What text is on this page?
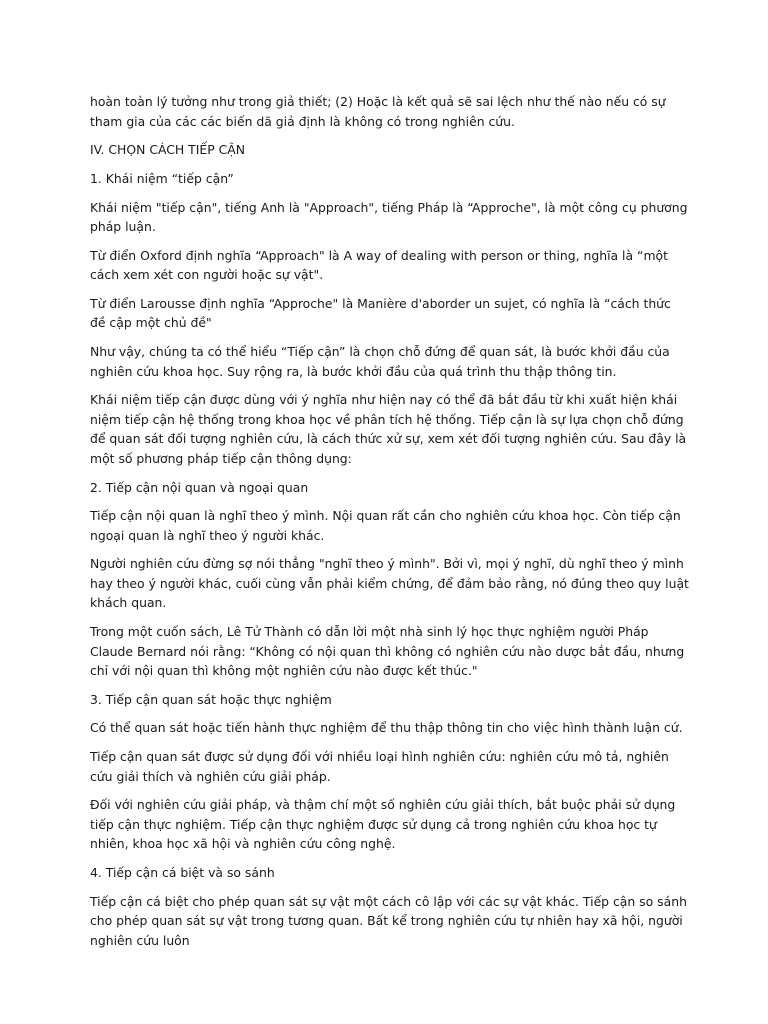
hoàn toàn lý tưởng như trong giả thiết; (2) Hoặc là kết quả sẽ sai lệch như thế nào nếu có sự tham gia của các các biến dã giả định là không có trong nghiên cứu.

IV. CHỌN CÁCH TIẾP CẬN

1. Khái niệm “tiếp cận”

Khái niệm "tiếp cận", tiếng Anh là "Approach", tiếng Pháp là “Approche", là một công cụ phương pháp luận.

Từ điển Oxford định nghĩa “Approach" là A way of dealing with person or thing, nghĩa là “một cách xem xét con người hoặc sự vật".

Từ điển Larousse định nghĩa “Approche" là Manière d'aborder un sujet, có nghĩa là “cách thức đề cập một chủ đề"

Như vậy, chúng ta có thể hiểu “Tiếp cận” là chọn chỗ đứng để quan sát, là bước khởi đầu của nghiên cứu khoa học. Suy rộng ra, là bước khởi đầu của quá trình thu thập thông tin.

Khái niệm tiếp cận được dùng với ý nghĩa như hiện nay có thể đã bắt đầu từ khi xuất hiện khái niệm tiếp cận hệ thống trong khoa học về phân tích hệ thống. Tiếp cận là sự lựa chọn chỗ đứng để quan sát đối tượng nghiên cứu, là cách thức xử sự, xem xét đối tượng nghiên cứu. Sau đây là một số phương pháp tiếp cận thông dụng:

2. Tiếp cận nội quan và ngoại quan

Tiếp cận nội quan là nghĩ theo ý mình. Nội quan rất cần cho nghiên cứu khoa học. Còn tiếp cận ngoại quan là nghĩ theo ý người khác.

Người nghiên cứu đừng sợ nói thẳng "nghĩ theo ý mình". Bởi vì, mọi ý nghĩ, dù nghĩ theo ý mình hay theo ý người khác, cuối cùng vẫn phải kiểm chứng, để đảm bảo rằng, nó đúng theo quy luật khách quan.

Trong một cuốn sách, Lê Tử Thành có dẫn lời một nhà sinh lý học thực nghiệm người Pháp Claude Bernard nói rằng: “Không có nội quan thì không có nghiên cứu nào dược bắt đầu, nhưng chỉ với nội quan thì không một nghiên cứu nào được kết thúc."

3. Tiếp cận quan sát hoặc thực nghiệm

Có thể quan sát hoặc tiến hành thực nghiệm để thu thập thông tin cho việc hình thành luận cứ.

Tiếp cận quan sát được sử dụng đối với nhiều loại hình nghiên cứu: nghiên cứu mô tả, nghiên cứu giải thích và nghiên cứu giải pháp.

Đối với nghiên cứu giải pháp, và thậm chí một số nghiên cứu giải thích, bắt buộc phải sử dụng tiếp cận thực nghiệm. Tiếp cận thực nghiệm được sử dụng cả trong nghiên cứu khoa học tự nhiên, khoa học xã hội và nghiên cứu công nghệ.

4. Tiếp cận cá biệt và so sánh

Tiếp cận cá biệt cho phép quan sát sự vật một cách cô lập với các sự vật khác. Tiếp cận so sánh cho phép quan sát sự vật trong tương quan. Bất kể trong nghiên cứu tự nhiên hay xã hội, người nghiên cứu luôn
